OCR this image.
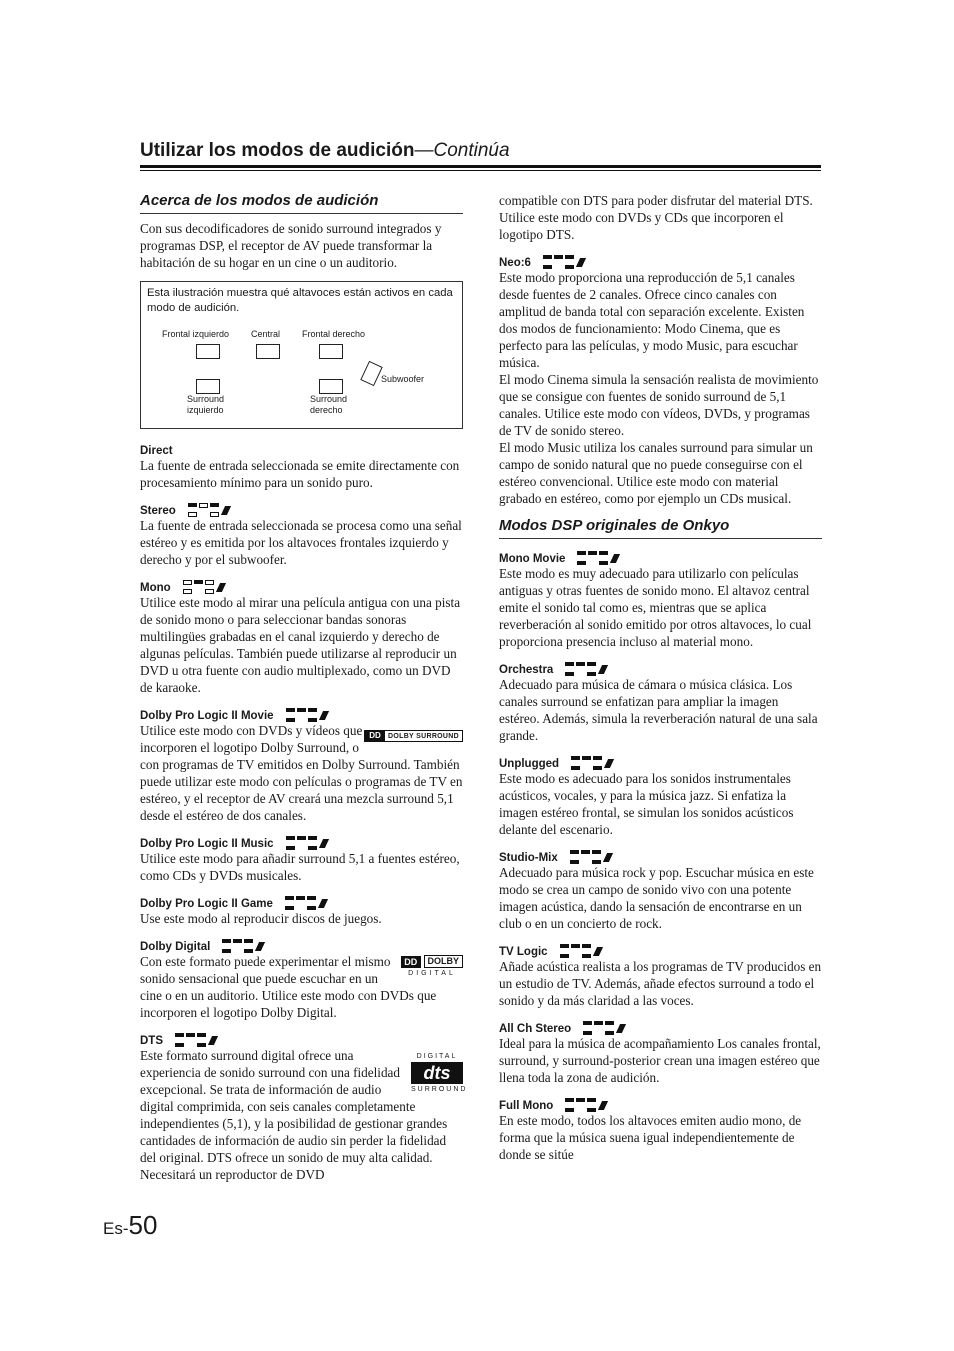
Utilizar los modos de audición—Continúa
Acerca de los modos de audición

Con sus decodificadores de sonido surround integrados y programas DSP, el receptor de AV puede transformar la habitación de su hogar en un cine o un auditorio.

Esta ilustración muestra qué altavoces están activos en cada modo de audición.
Frontal izquierdo Central Frontal derecho
Subwoofer
Surround
izquierdo
Surround
derecho
Direct

La fuente de entrada seleccionada se emite directamente con procesamiento mínimo para un sonido puro.

Stereo

La fuente de entrada seleccionada se procesa como una señal estéreo y es emitida por los altavoces frontales izquierdo y derecho y por el subwoofer.

Mono

Utilice este modo al mirar una película antigua con una pista de sonido mono o para seleccionar bandas sonoras multilingües grabadas en el canal izquierdo y derecho de algunas películas. También puede utilizarse al reproducir un DVD u otra fuente con audio multiplexado, como un DVD de karaoke.

Dolby Pro Logic II Movie
DD	DOLBY SURROUND

Utilice este modo con DVDs y vídeos que incorporen el logotipo Dolby Surround, o con programas de TV emitidos en Dolby Surround. También puede utilizar este modo con películas o programas de TV en estéreo, y el receptor de AV creará una mezcla surround 5,1 desde el estéreo de dos canales.

Dolby Pro Logic II Music

Utilice este modo para añadir surround 5,1 a fuentes estéreo, como CDs y DVDs musicales.

Dolby Pro Logic II Game

Use este modo al reproducir discos de juegos.

Dolby Digital
DD	DOLBY
DIGITAL

Con este formato puede experimentar el mismo sonido sensacional que puede escuchar en un cine o en un auditorio. Utilice este modo con DVDs que incorporen el logotipo Dolby Digital.

DTS
DIGITAL
dts
SURROUND

Este formato surround digital ofrece una experiencia de sonido surround con una fidelidad excepcional. Se trata de información de audio digital comprimida, con seis canales completamente independientes (5,1), y la posibilidad de gestionar grandes cantidades de información de audio sin perder la fidelidad del original. DTS ofrece un sonido de muy alta calidad. Necesitará un reproductor de DVD

compatible con DTS para poder disfrutar del material DTS. Utilice este modo con DVDs y CDs que incorporen el logotipo DTS.

Neo:6

Este modo proporciona una reproducción de 5,1 canales desde fuentes de 2 canales. Ofrece cinco canales con amplitud de banda total con separación excelente. Existen dos modos de funcionamiento: Modo Cinema, que es perfecto para las películas, y modo Music, para escuchar música.

El modo Cinema simula la sensación realista de movimiento que se consigue con fuentes de sonido surround de 5,1 canales. Utilice este modo con vídeos, DVDs, y programas de TV de sonido stereo.

El modo Music utiliza los canales surround para simular un campo de sonido natural que no puede conseguirse con el estéreo convencional. Utilice este modo con material grabado en estéreo, como por ejemplo un CDs musical.

Modos DSP originales de Onkyo
Mono Movie

Este modo es muy adecuado para utilizarlo con películas antiguas y otras fuentes de sonido mono. El altavoz central emite el sonido tal como es, mientras que se aplica reverberación al sonido emitido por otros altavoces, lo cual proporciona presencia incluso al material mono.

Orchestra

Adecuado para música de cámara o música clásica. Los canales surround se enfatizan para ampliar la imagen estéreo. Además, simula la reverberación natural de una sala grande.

Unplugged

Este modo es adecuado para los sonidos instrumentales acústicos, vocales, y para la música jazz. Si enfatiza la imagen estéreo frontal, se simulan los sonidos acústicos delante del escenario.

Studio-Mix

Adecuado para música rock y pop. Escuchar música en este modo se crea un campo de sonido vivo con una potente imagen acústica, dando la sensación de encontrarse en un club o en un concierto de rock.

TV Logic

Añade acústica realista a los programas de TV producidos en un estudio de TV. Además, añade efectos surround a todo el sonido y da más claridad a las voces.

All Ch Stereo

Ideal para la música de acompañamiento Los canales frontal, surround, y surround-posterior crean una imagen estéreo que llena toda la zona de audición.

Full Mono

En este modo, todos los altavoces emiten audio mono, de forma que la música suena igual independientemente de donde se sitúe

Es-50
